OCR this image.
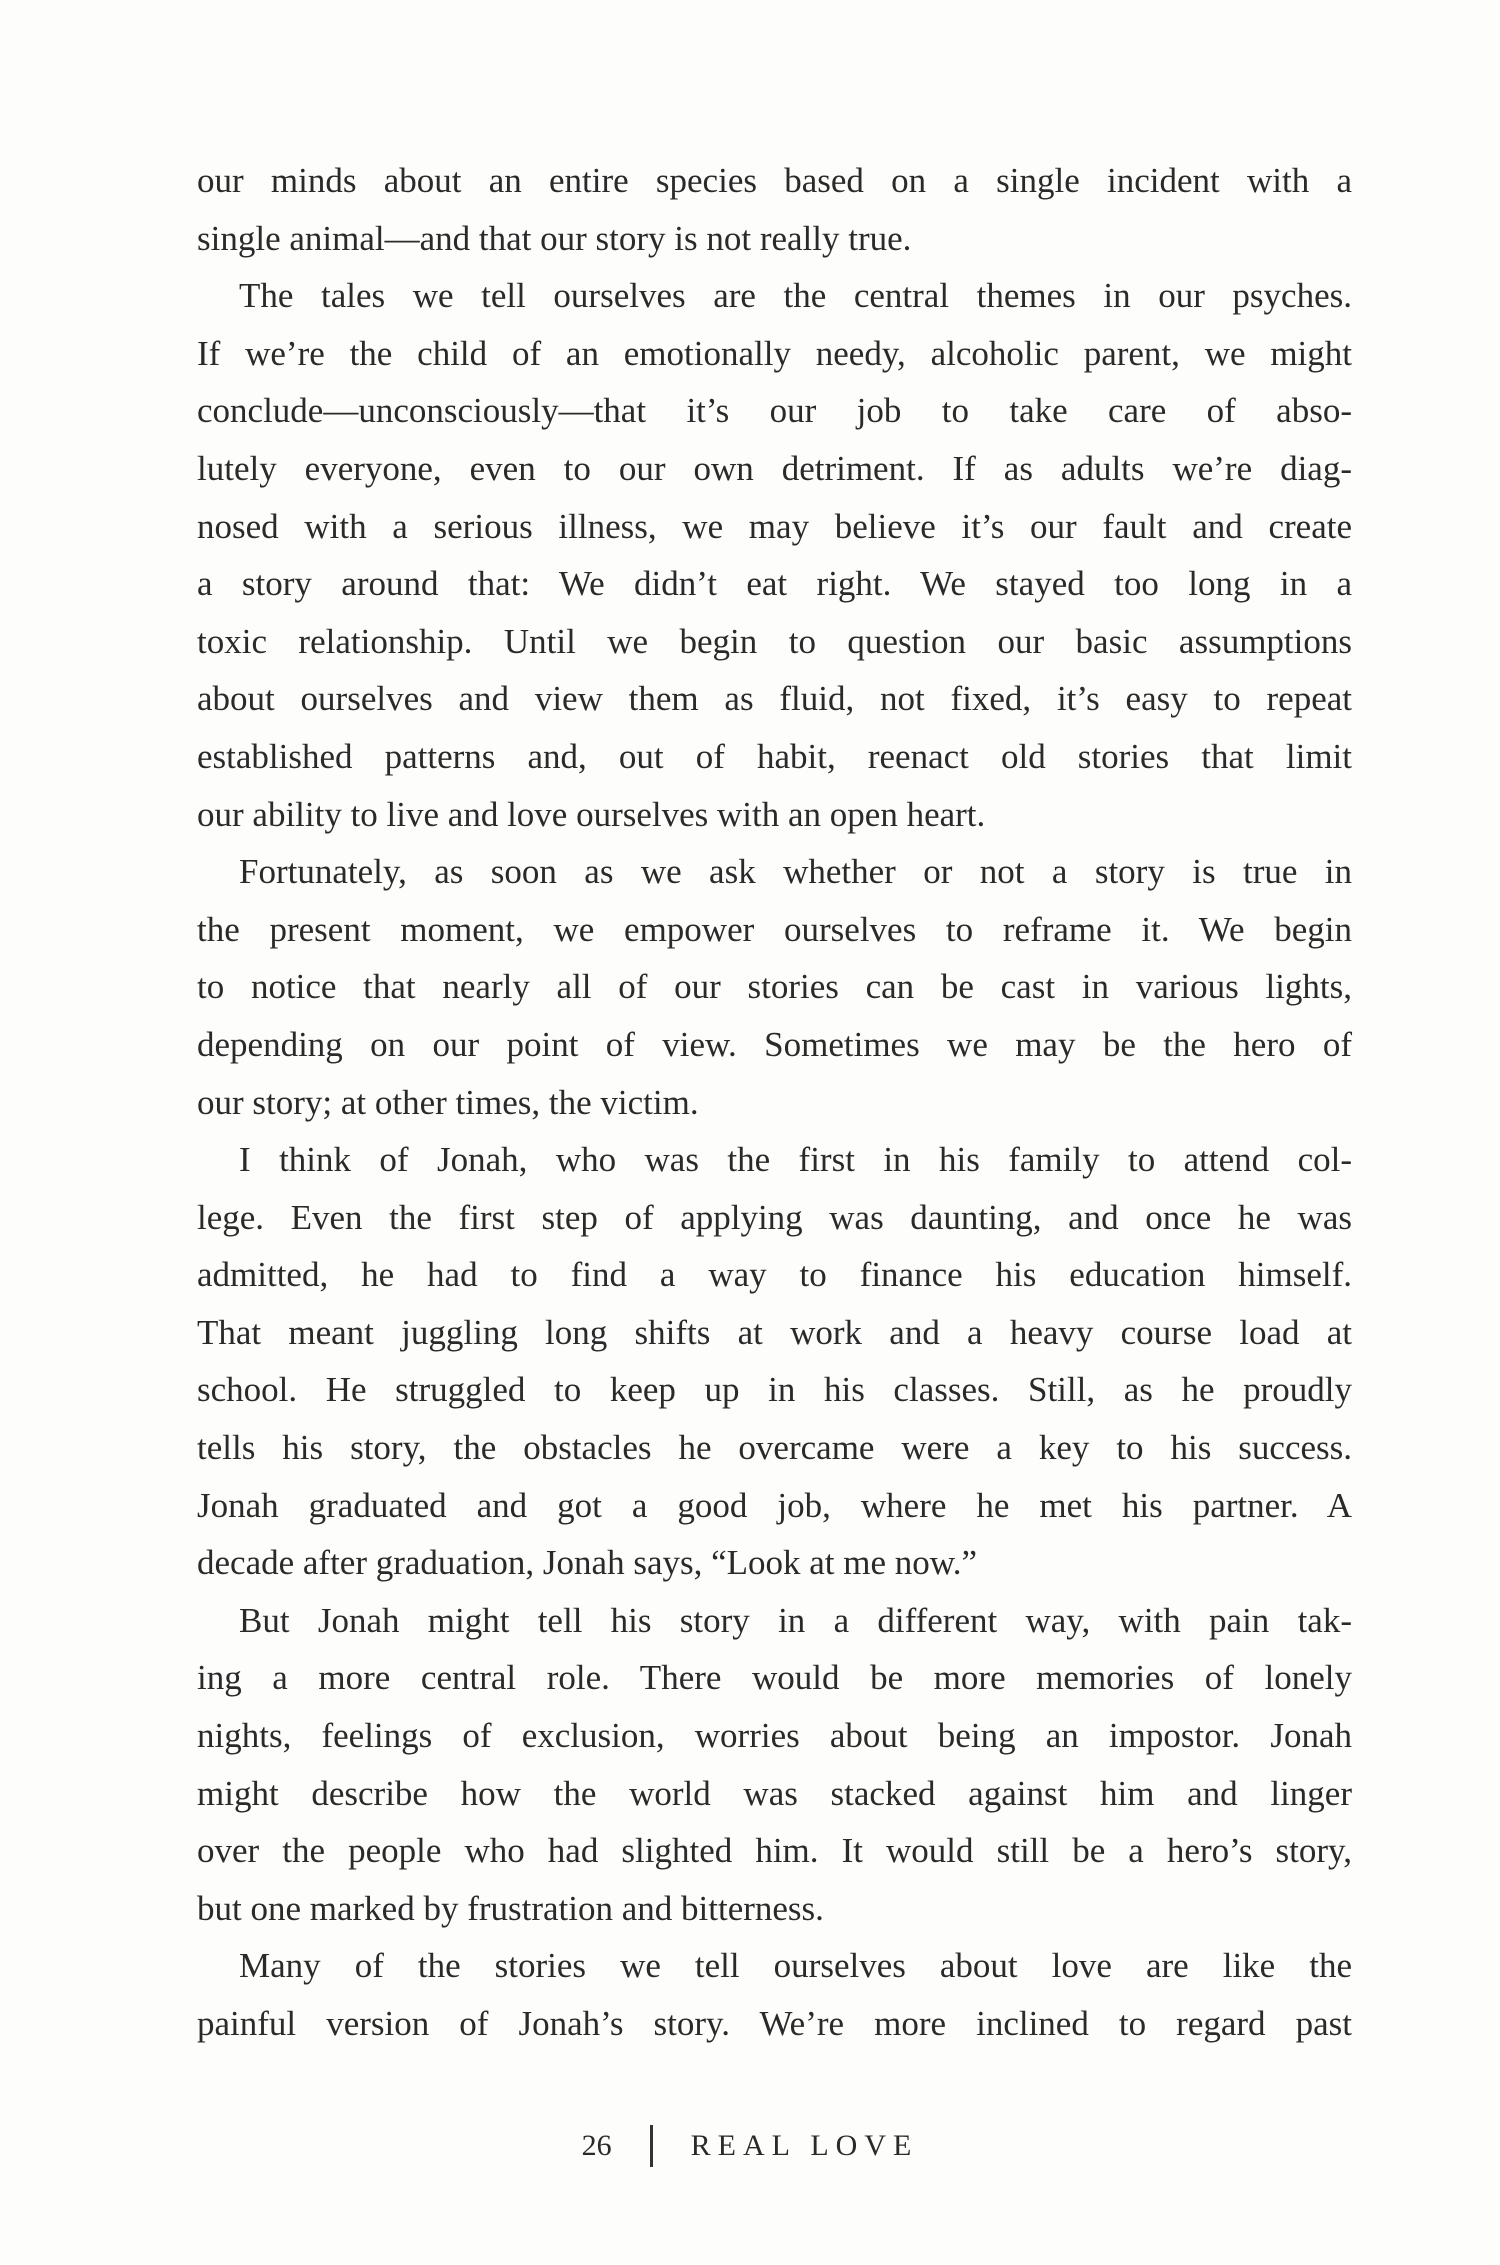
our minds about an entire species based on a single incident with a
single animal—and that our story is not really true.
The tales we tell ourselves are the central themes in our psyches.
If we’re the child of an emotionally needy, alcoholic parent, we might
conclude—unconsciously—that it’s our job to take care of abso-
lutely everyone, even to our own detriment. If as adults we’re diag-
nosed with a serious illness, we may believe it’s our fault and create
a story around that: We didn’t eat right. We stayed too long in a
toxic relationship. Until we begin to question our basic assumptions
about ourselves and view them as fluid, not fixed, it’s easy to repeat
established patterns and, out of habit, reenact old stories that limit
our ability to live and love ourselves with an open heart.
Fortunately, as soon as we ask whether or not a story is true in
the present moment, we empower ourselves to reframe it. We begin
to notice that nearly all of our stories can be cast in various lights,
depending on our point of view. Sometimes we may be the hero of
our story; at other times, the victim.
I think of Jonah, who was the first in his family to attend col-
lege. Even the first step of applying was daunting, and once he was
admitted, he had to find a way to finance his education himself.
That meant juggling long shifts at work and a heavy course load at
school. He struggled to keep up in his classes. Still, as he proudly
tells his story, the obstacles he overcame were a key to his success.
Jonah graduated and got a good job, where he met his partner. A
decade after graduation, Jonah says, “Look at me now.”
But Jonah might tell his story in a different way, with pain tak-
ing a more central role. There would be more memories of lonely
nights, feelings of exclusion, worries about being an impostor. Jonah
might describe how the world was stacked against him and linger
over the people who had slighted him. It would still be a hero’s story,
but one marked by frustration and bitterness.
Many of the stories we tell ourselves about love are like the
painful version of Jonah’s story. We’re more inclined to regard past
26	REAL LOVE
